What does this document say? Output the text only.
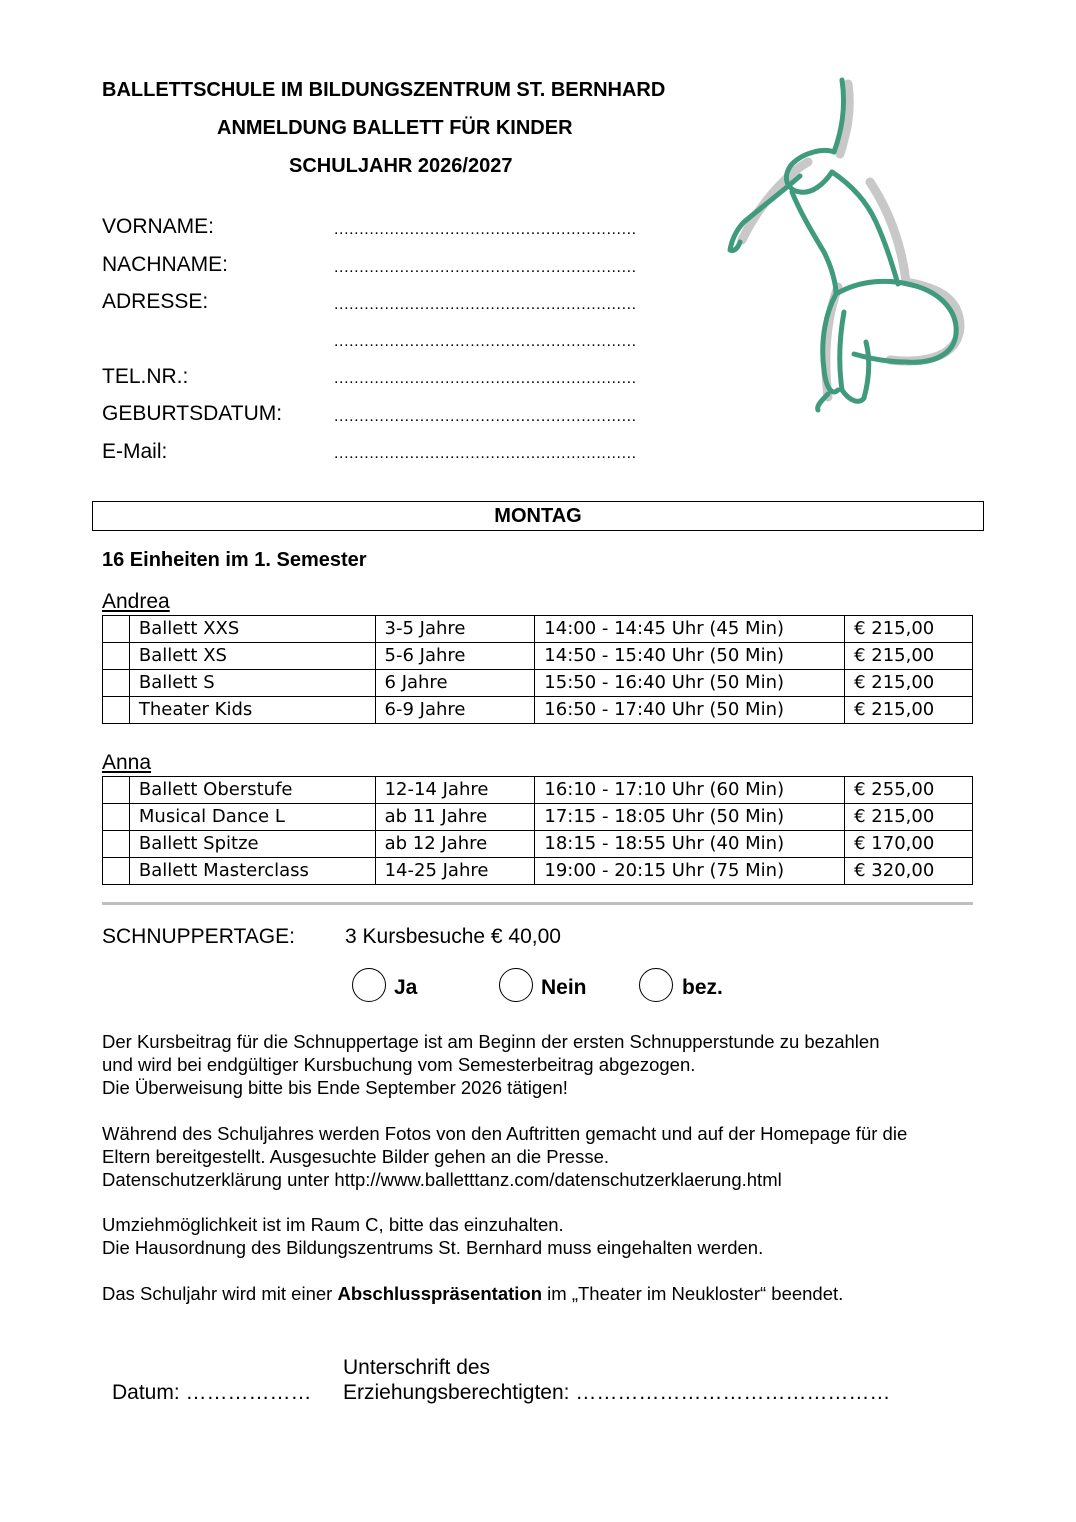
BALLETTSCHULE IM BILDUNGSZENTRUM ST. BERNHARD
ANMELDUNG BALLETT FÜR KINDER
SCHULJAHR 2026/2027
VORNAME:	............................................................
NACHNAME:	............................................................
ADRESSE:	............................................................
............................................................
TEL.NR.:	............................................................
GEBURTSDATUM:	............................................................
E-Mail:	............................................................
MONTAG
16 Einheiten im 1. Semester
Andrea
	Ballett XXS	3-5 Jahre	14:00 - 14:45 Uhr (45 Min)	€ 215,00
	Ballett XS	5-6 Jahre	14:50 - 15:40 Uhr (50 Min)	€ 215,00
	Ballett S	6 Jahre	15:50 - 16:40 Uhr (50 Min)	€ 215,00
	Theater Kids	6-9 Jahre	16:50 - 17:40 Uhr (50 Min)	€ 215,00
Anna
	Ballett Oberstufe	12-14 Jahre	16:10 - 17:10 Uhr (60 Min)	€ 255,00
	Musical Dance L	ab 11 Jahre	17:15 - 18:05 Uhr (50 Min)	€ 215,00
	Ballett Spitze	ab 12 Jahre	18:15 - 18:55 Uhr (40 Min)	€ 170,00
	Ballett Masterclass	14-25 Jahre	19:00 - 20:15 Uhr (75 Min)	€ 320,00
SCHNUPPERTAGE: 3 Kursbesuche € 40,00
Ja	Nein	bez.
Der Kursbeitrag für die Schnuppertage ist am Beginn der ersten Schnupperstunde zu bezahlen
und wird bei endgültiger Kursbuchung vom Semesterbeitrag abgezogen.
Die Überweisung bitte bis Ende September 2026 tätigen!
Während des Schuljahres werden Fotos von den Auftritten gemacht und auf der Homepage für die
Eltern bereitgestellt. Ausgesuchte Bilder gehen an die Presse.
Datenschutzerklärung unter http://www.balletttanz.com/datenschutzerklaerung.html
Umziehmöglichkeit ist im Raum C, bitte das einzuhalten.
Die Hausordnung des Bildungszentrums St. Bernhard muss eingehalten werden.
Das Schuljahr wird mit einer Abschlusspräsentation im „Theater im Neukloster“ beendet.
Datum: ………………
Unterschrift des
Erziehungsberechtigten: ………………………………………
